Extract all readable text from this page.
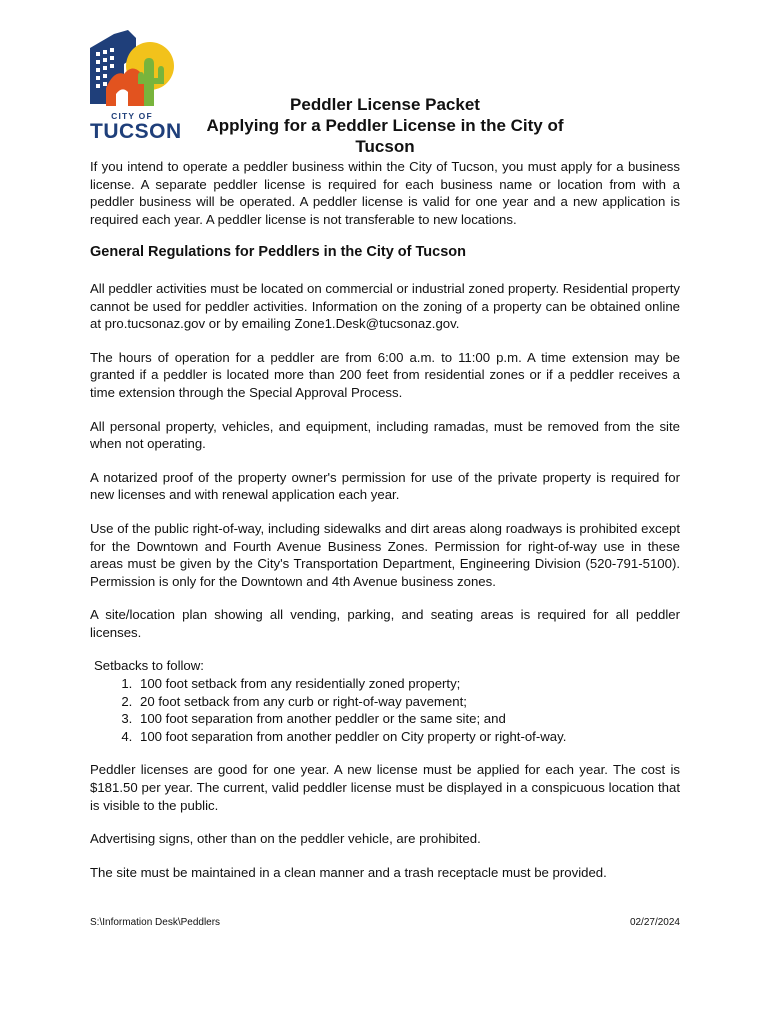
CITY OF
TUCSON
Peddler License Packet
Applying for a Peddler License in the City of Tucson

If you intend to operate a peddler business within the City of Tucson, you must apply for a business license. A separate peddler license is required for each business name or location from with a peddler business will be operated. A peddler license is valid for one year and a new application is required each year. A peddler license is not transferable to new locations.

General Regulations for Peddlers in the City of Tucson

All peddler activities must be located on commercial or industrial zoned property. Residential property cannot be used for peddler activities. Information on the zoning of a property can be obtained online at pro.tucsonaz.gov or by emailing Zone1.Desk@tucsonaz.gov.

The hours of operation for a peddler are from 6:00 a.m. to 11:00 p.m. A time extension may be granted if a peddler is located more than 200 feet from residential zones or if a peddler receives a time extension through the Special Approval Process.

All personal property, vehicles, and equipment, including ramadas, must be removed from the site when not operating.

A notarized proof of the property owner's permission for use of the private property is required for new licenses and with renewal application each year.

Use of the public right-of-way, including sidewalks and dirt areas along roadways is prohibited except for the Downtown and Fourth Avenue Business Zones. Permission for right-of-way use in these areas must be given by the City's Transportation Department, Engineering Division (520-791-5100). Permission is only for the Downtown and 4th Avenue business zones.

A site/location plan showing all vending, parking, and seating areas is required for all peddler licenses.

Setbacks to follow:
1. 100 foot setback from any residentially zoned property;
2. 20 foot setback from any curb or right-of-way pavement;
3. 100 foot separation from another peddler or the same site; and
4. 100 foot separation from another peddler on City property or right-of-way.

Peddler licenses are good for one year. A new license must be applied for each year. The cost is $181.50 per year. The current, valid peddler license must be displayed in a conspicuous location that is visible to the public.

Advertising signs, other than on the peddler vehicle, are prohibited.

The site must be maintained in a clean manner and a trash receptacle must be provided.

S:\Information Desk\Peddlers	02/27/2024
